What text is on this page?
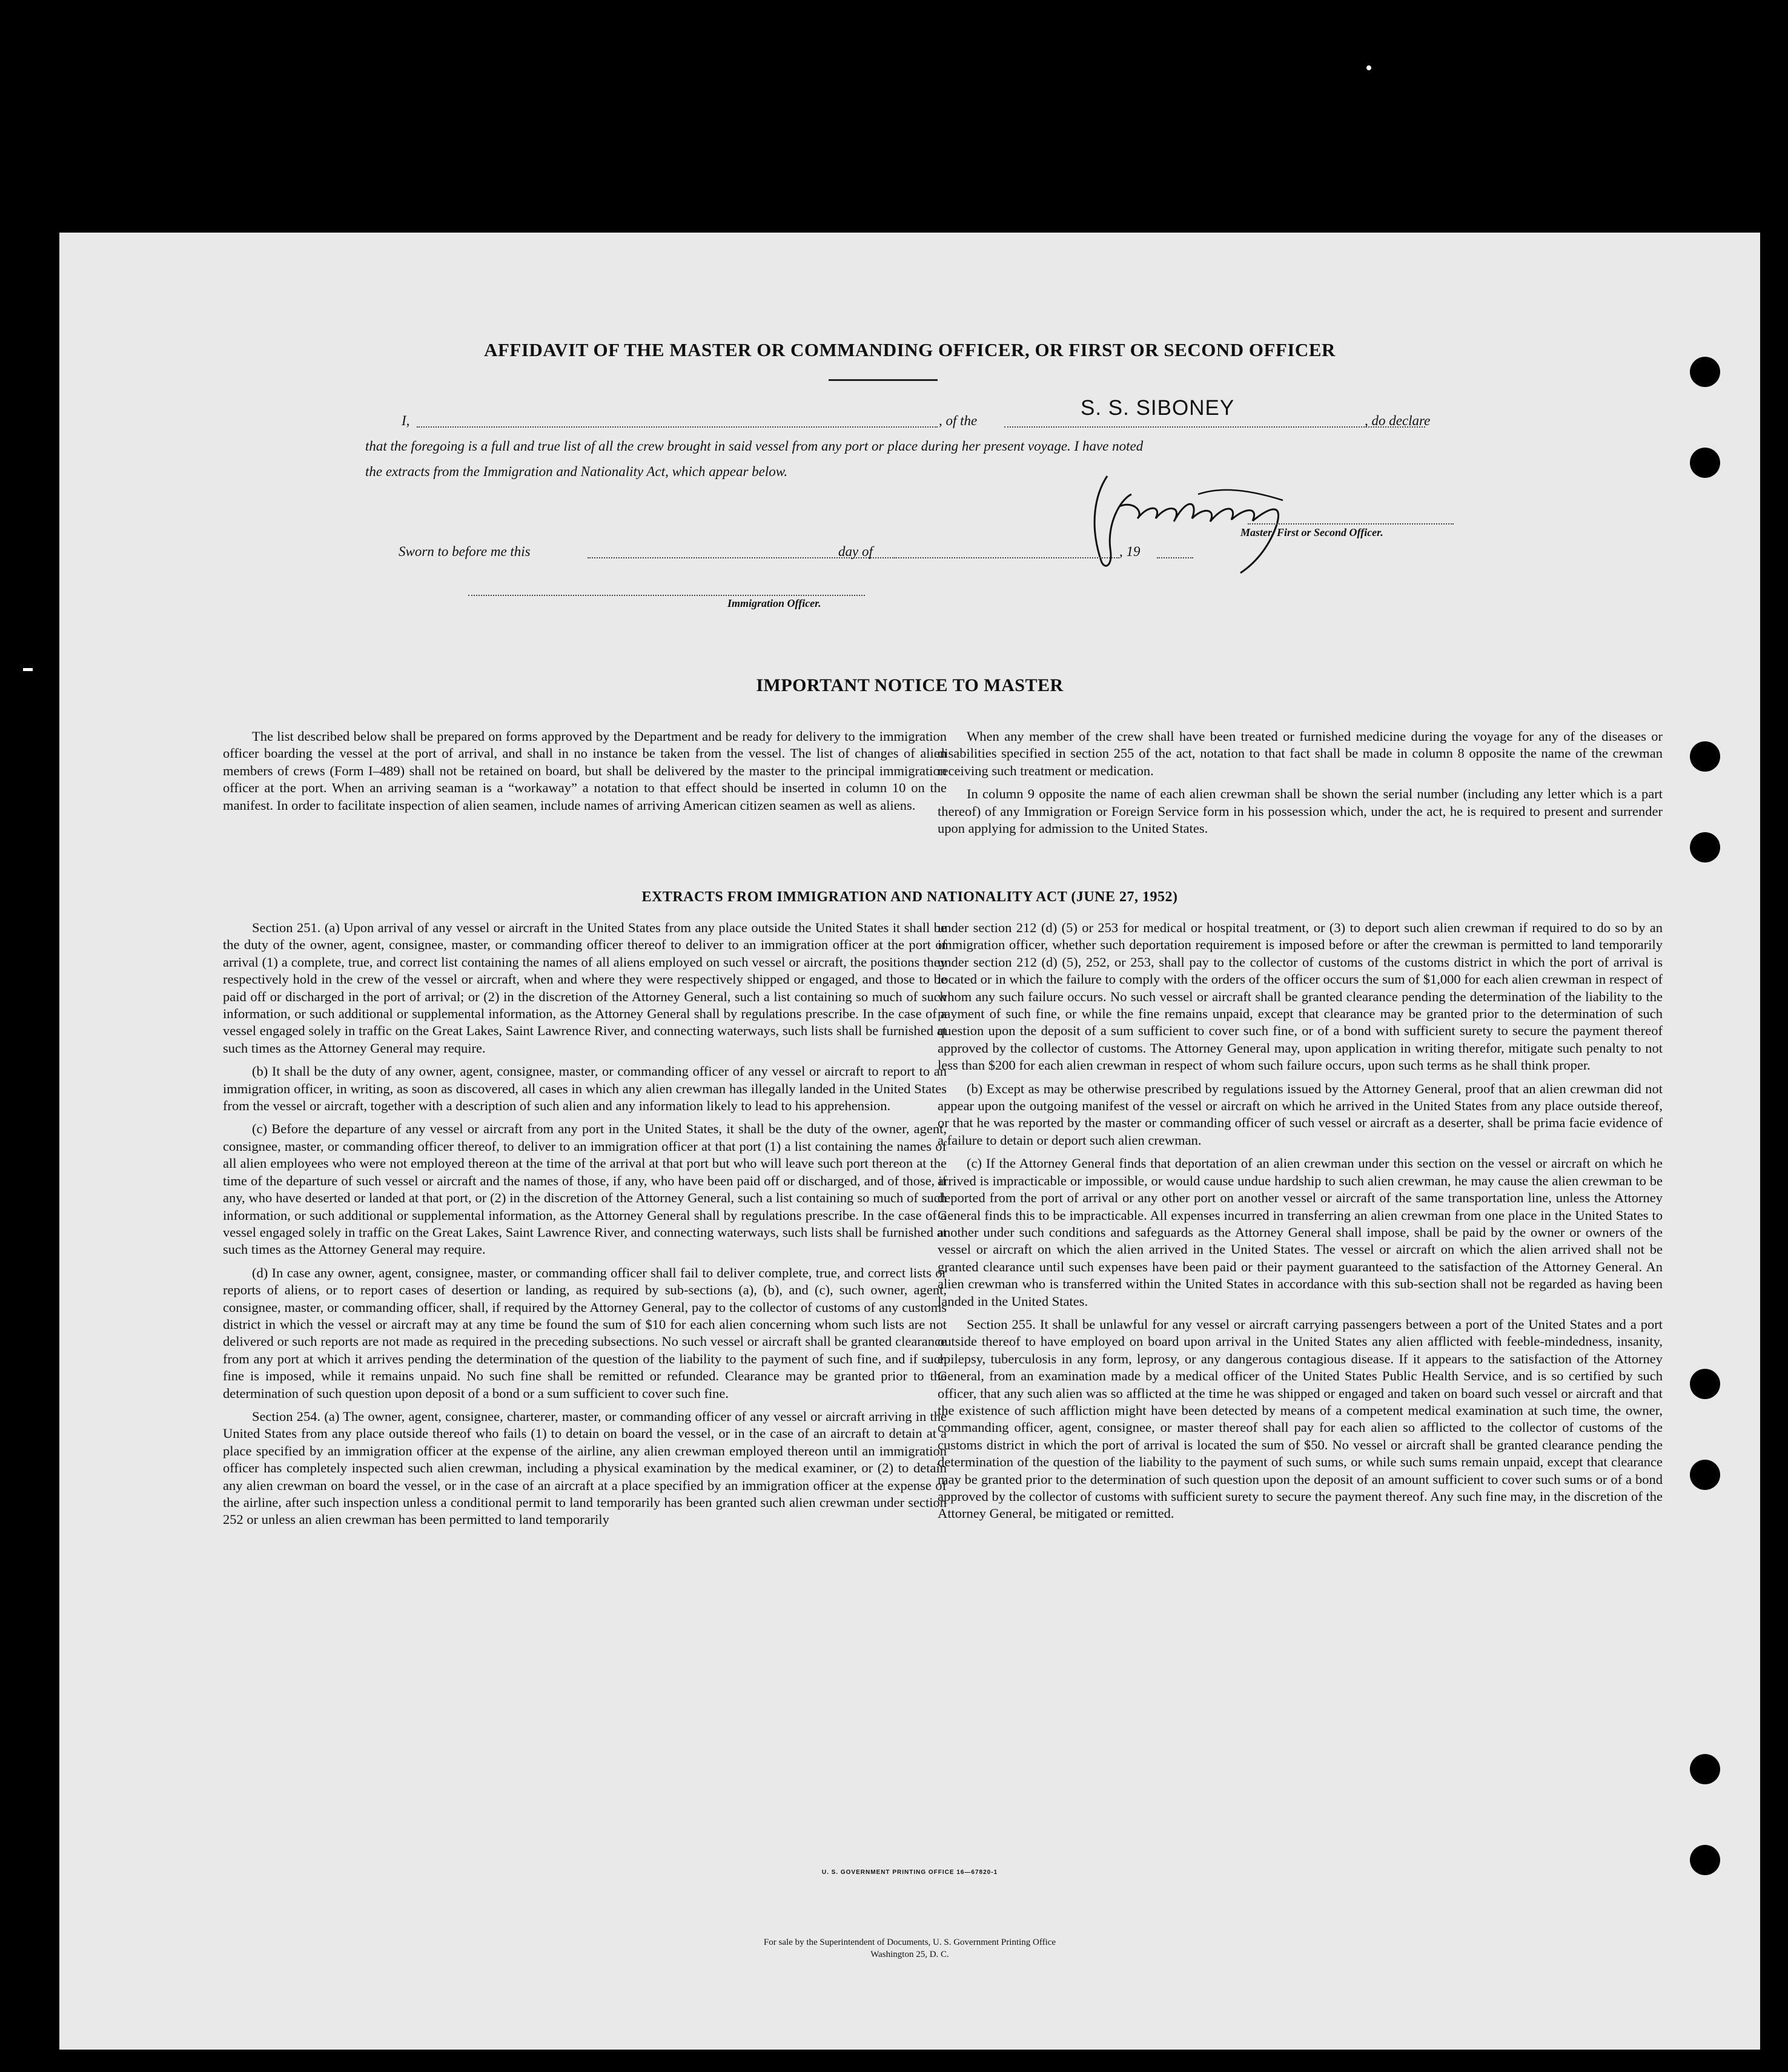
AFFIDAVIT OF THE MASTER OR COMMANDING OFFICER, OR FIRST OR SECOND OFFICER
I,	, of the
S. S. SIBONEY
, do declare
that the foregoing is a full and true list of all the crew brought in said vessel from any port or place during her present voyage. I have noted
the extracts from the Immigration and Nationality Act, which appear below.
Master, First or Second Officer.
Sworn to before me this	day of	, 19
Immigration Officer.
IMPORTANT NOTICE TO MASTER

The list described below shall be prepared on forms approved by the Department and be ready for delivery to the immigration officer boarding the vessel at the port of arrival, and shall in no instance be taken from the vessel. The list of changes of alien members of crews (Form I–489) shall not be retained on board, but shall be delivered by the master to the principal immigration officer at the port. When an arriving seaman is a “workaway” a notation to that effect should be inserted in column 10 on the manifest. In order to facilitate inspection of alien seamen, include names of arriving American citizen seamen as well as aliens.

When any member of the crew shall have been treated or furnished medicine during the voyage for any of the diseases or disabilities specified in section 255 of the act, notation to that fact shall be made in column 8 opposite the name of the crewman receiving such treatment or medication.

In column 9 opposite the name of each alien crewman shall be shown the serial number (including any letter which is a part thereof) of any Immigration or Foreign Service form in his possession which, under the act, he is required to present and surrender upon applying for admission to the United States.

EXTRACTS FROM IMMIGRATION AND NATIONALITY ACT (JUNE 27, 1952)

Section 251. (a) Upon arrival of any vessel or aircraft in the United States from any place outside the United States it shall be the duty of the owner, agent, consignee, master, or commanding officer thereof to deliver to an immigration officer at the port of arrival (1) a complete, true, and correct list containing the names of all aliens employed on such vessel or aircraft, the positions they respectively hold in the crew of the vessel or aircraft, when and where they were respectively shipped or engaged, and those to be paid off or discharged in the port of arrival; or (2) in the discretion of the Attorney General, such a list containing so much of such information, or such additional or supplemental information, as the Attorney General shall by regulations prescribe. In the case of a vessel engaged solely in traffic on the Great Lakes, Saint Lawrence River, and connecting waterways, such lists shall be furnished at such times as the Attorney General may require.

(b) It shall be the duty of any owner, agent, consignee, master, or commanding officer of any vessel or aircraft to report to an immigration officer, in writing, as soon as discovered, all cases in which any alien crewman has illegally landed in the United States from the vessel or aircraft, together with a description of such alien and any information likely to lead to his apprehension.

(c) Before the departure of any vessel or aircraft from any port in the United States, it shall be the duty of the owner, agent, consignee, master, or commanding officer thereof, to deliver to an immigration officer at that port (1) a list containing the names of all alien employees who were not employed thereon at the time of the arrival at that port but who will leave such port thereon at the time of the departure of such vessel or aircraft and the names of those, if any, who have been paid off or discharged, and of those, if any, who have deserted or landed at that port, or (2) in the discretion of the Attorney General, such a list containing so much of such information, or such additional or supplemental information, as the Attorney General shall by regulations prescribe. In the case of a vessel engaged solely in traffic on the Great Lakes, Saint Lawrence River, and connecting waterways, such lists shall be furnished at such times as the Attorney General may require.

(d) In case any owner, agent, consignee, master, or commanding officer shall fail to deliver complete, true, and correct lists or reports of aliens, or to report cases of desertion or landing, as required by sub-sections (a), (b), and (c), such owner, agent, consignee, master, or commanding officer, shall, if required by the Attorney General, pay to the collector of customs of any customs district in which the vessel or aircraft may at any time be found the sum of $10 for each alien concerning whom such lists are not delivered or such reports are not made as required in the preceding subsections. No such vessel or aircraft shall be granted clearance from any port at which it arrives pending the determination of the question of the liability to the payment of such fine, and if such fine is imposed, while it remains unpaid. No such fine shall be remitted or refunded. Clearance may be granted prior to the determination of such question upon deposit of a bond or a sum sufficient to cover such fine.

Section 254. (a) The owner, agent, consignee, charterer, master, or commanding officer of any vessel or aircraft arriving in the United States from any place outside thereof who fails (1) to detain on board the vessel, or in the case of an aircraft to detain at a place specified by an immigration officer at the expense of the airline, any alien crewman employed thereon until an immigration officer has completely inspected such alien crewman, including a physical examination by the medical examiner, or (2) to detain any alien crewman on board the vessel, or in the case of an aircraft at a place specified by an immigration officer at the expense of the airline, after such inspection unless a conditional permit to land temporarily has been granted such alien crewman under section 252 or unless an alien crewman has been permitted to land temporarily

under section 212 (d) (5) or 253 for medical or hospital treatment, or (3) to deport such alien crewman if required to do so by an immigration officer, whether such deportation requirement is imposed before or after the crewman is permitted to land temporarily under section 212 (d) (5), 252, or 253, shall pay to the collector of customs of the customs district in which the port of arrival is located or in which the failure to comply with the orders of the officer occurs the sum of $1,000 for each alien crewman in respect of whom any such failure occurs. No such vessel or aircraft shall be granted clearance pending the determination of the liability to the payment of such fine, or while the fine remains unpaid, except that clearance may be granted prior to the determination of such question upon the deposit of a sum sufficient to cover such fine, or of a bond with sufficient surety to secure the payment thereof approved by the collector of customs. The Attorney General may, upon application in writing therefor, mitigate such penalty to not less than $200 for each alien crewman in respect of whom such failure occurs, upon such terms as he shall think proper.

(b) Except as may be otherwise prescribed by regulations issued by the Attorney General, proof that an alien crewman did not appear upon the outgoing manifest of the vessel or aircraft on which he arrived in the United States from any place outside thereof, or that he was reported by the master or commanding officer of such vessel or aircraft as a deserter, shall be prima facie evidence of a failure to detain or deport such alien crewman.

(c) If the Attorney General finds that deportation of an alien crewman under this section on the vessel or aircraft on which he arrived is impracticable or impossible, or would cause undue hardship to such alien crewman, he may cause the alien crewman to be deported from the port of arrival or any other port on another vessel or aircraft of the same transportation line, unless the Attorney General finds this to be impracticable. All expenses incurred in transferring an alien crewman from one place in the United States to another under such conditions and safeguards as the Attorney General shall impose, shall be paid by the owner or owners of the vessel or aircraft on which the alien arrived in the United States. The vessel or aircraft on which the alien arrived shall not be granted clearance until such expenses have been paid or their payment guaranteed to the satisfaction of the Attorney General. An alien crewman who is transferred within the United States in accordance with this sub-section shall not be regarded as having been landed in the United States.

Section 255. It shall be unlawful for any vessel or aircraft carrying passengers between a port of the United States and a port outside thereof to have employed on board upon arrival in the United States any alien afflicted with feeble-mindedness, insanity, epilepsy, tuberculosis in any form, leprosy, or any dangerous contagious disease. If it appears to the satisfaction of the Attorney General, from an examination made by a medical officer of the United States Public Health Service, and is so certified by such officer, that any such alien was so afflicted at the time he was shipped or engaged and taken on board such vessel or aircraft and that the existence of such affliction might have been detected by means of a competent medical examination at such time, the owner, commanding officer, agent, consignee, or master thereof shall pay for each alien so afflicted to the collector of customs of the customs district in which the port of arrival is located the sum of $50. No vessel or aircraft shall be granted clearance pending the determination of the question of the liability to the payment of such sums, or while such sums remain unpaid, except that clearance may be granted prior to the determination of such question upon the deposit of an amount sufficient to cover such sums or of a bond approved by the collector of customs with sufficient surety to secure the payment thereof. Any such fine may, in the discretion of the Attorney General, be mitigated or remitted.

U. S. GOVERNMENT PRINTING OFFICE 16—67820-1
For sale by the Superintendent of Documents, U. S. Government Printing Office
Washington 25, D. C.
